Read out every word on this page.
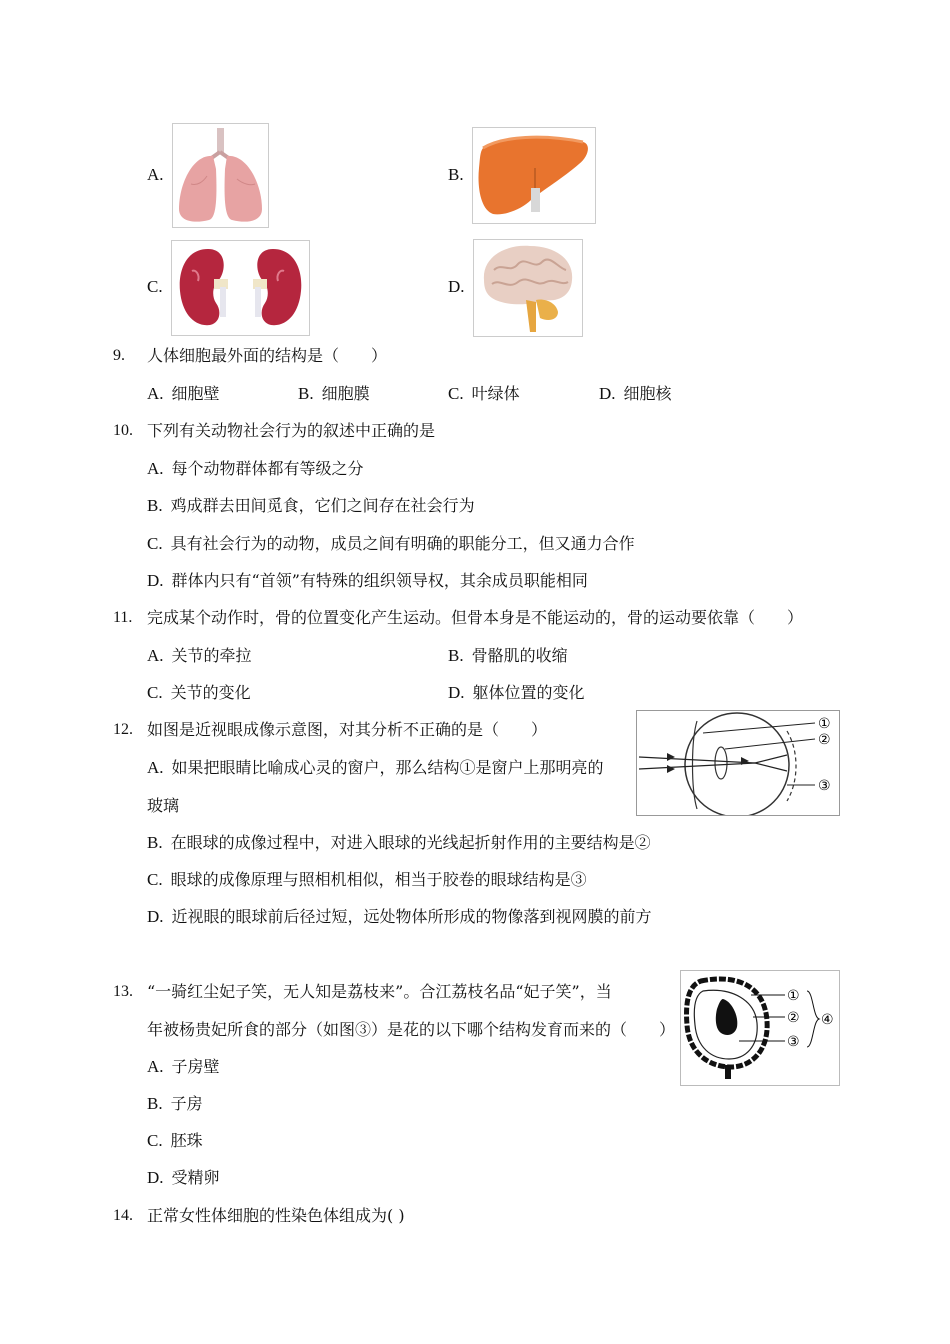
A.	B.
C.	D.
9. 人体细胞最外面的结构是（　　）
A. 细胞壁	B. 细胞膜	C. 叶绿体	D. 细胞核
10. 下列有关动物社会行为的叙述中正确的是
A. 每个动物群体都有等级之分
B. 鸡成群去田间觅食，它们之间存在社会行为
C. 具有社会行为的动物，成员之间有明确的职能分工，但又通力合作
D. 群体内只有“首领”有特殊的组织领导权，其余成员职能相同
11. 完成某个动作时，骨的位置变化产生运动。但骨本身是不能运动的，骨的运动要依靠（　　）
A. 关节的牵拉	B. 骨骼肌的收缩
C. 关节的变化	D. 躯体位置的变化
12. 如图是近视眼成像示意图，对其分析不正确的是（　　）
A. 如果把眼睛比喻成心灵的窗户，那么结构①是窗户上那明亮的
玻璃
B. 在眼球的成像过程中，对进入眼球的光线起折射作用的主要结构是②
C. 眼球的成像原理与照相机相似，相当于胶卷的眼球结构是③
D. 近视眼的眼球前后径过短，远处物体所形成的物像落到视网膜的前方
①
②
③
13. “一骑红尘妃子笑，无人知是荔枝来”。合江荔枝名品“妃子笑”，当
年被杨贵妃所食的部分（如图③）是花的以下哪个结构发育而来的（　　）
A. 子房壁
B. 子房
C. 胚珠
D. 受精卵
①
②
③
④
14. 正常女性体细胞的性染色体组成为( )
